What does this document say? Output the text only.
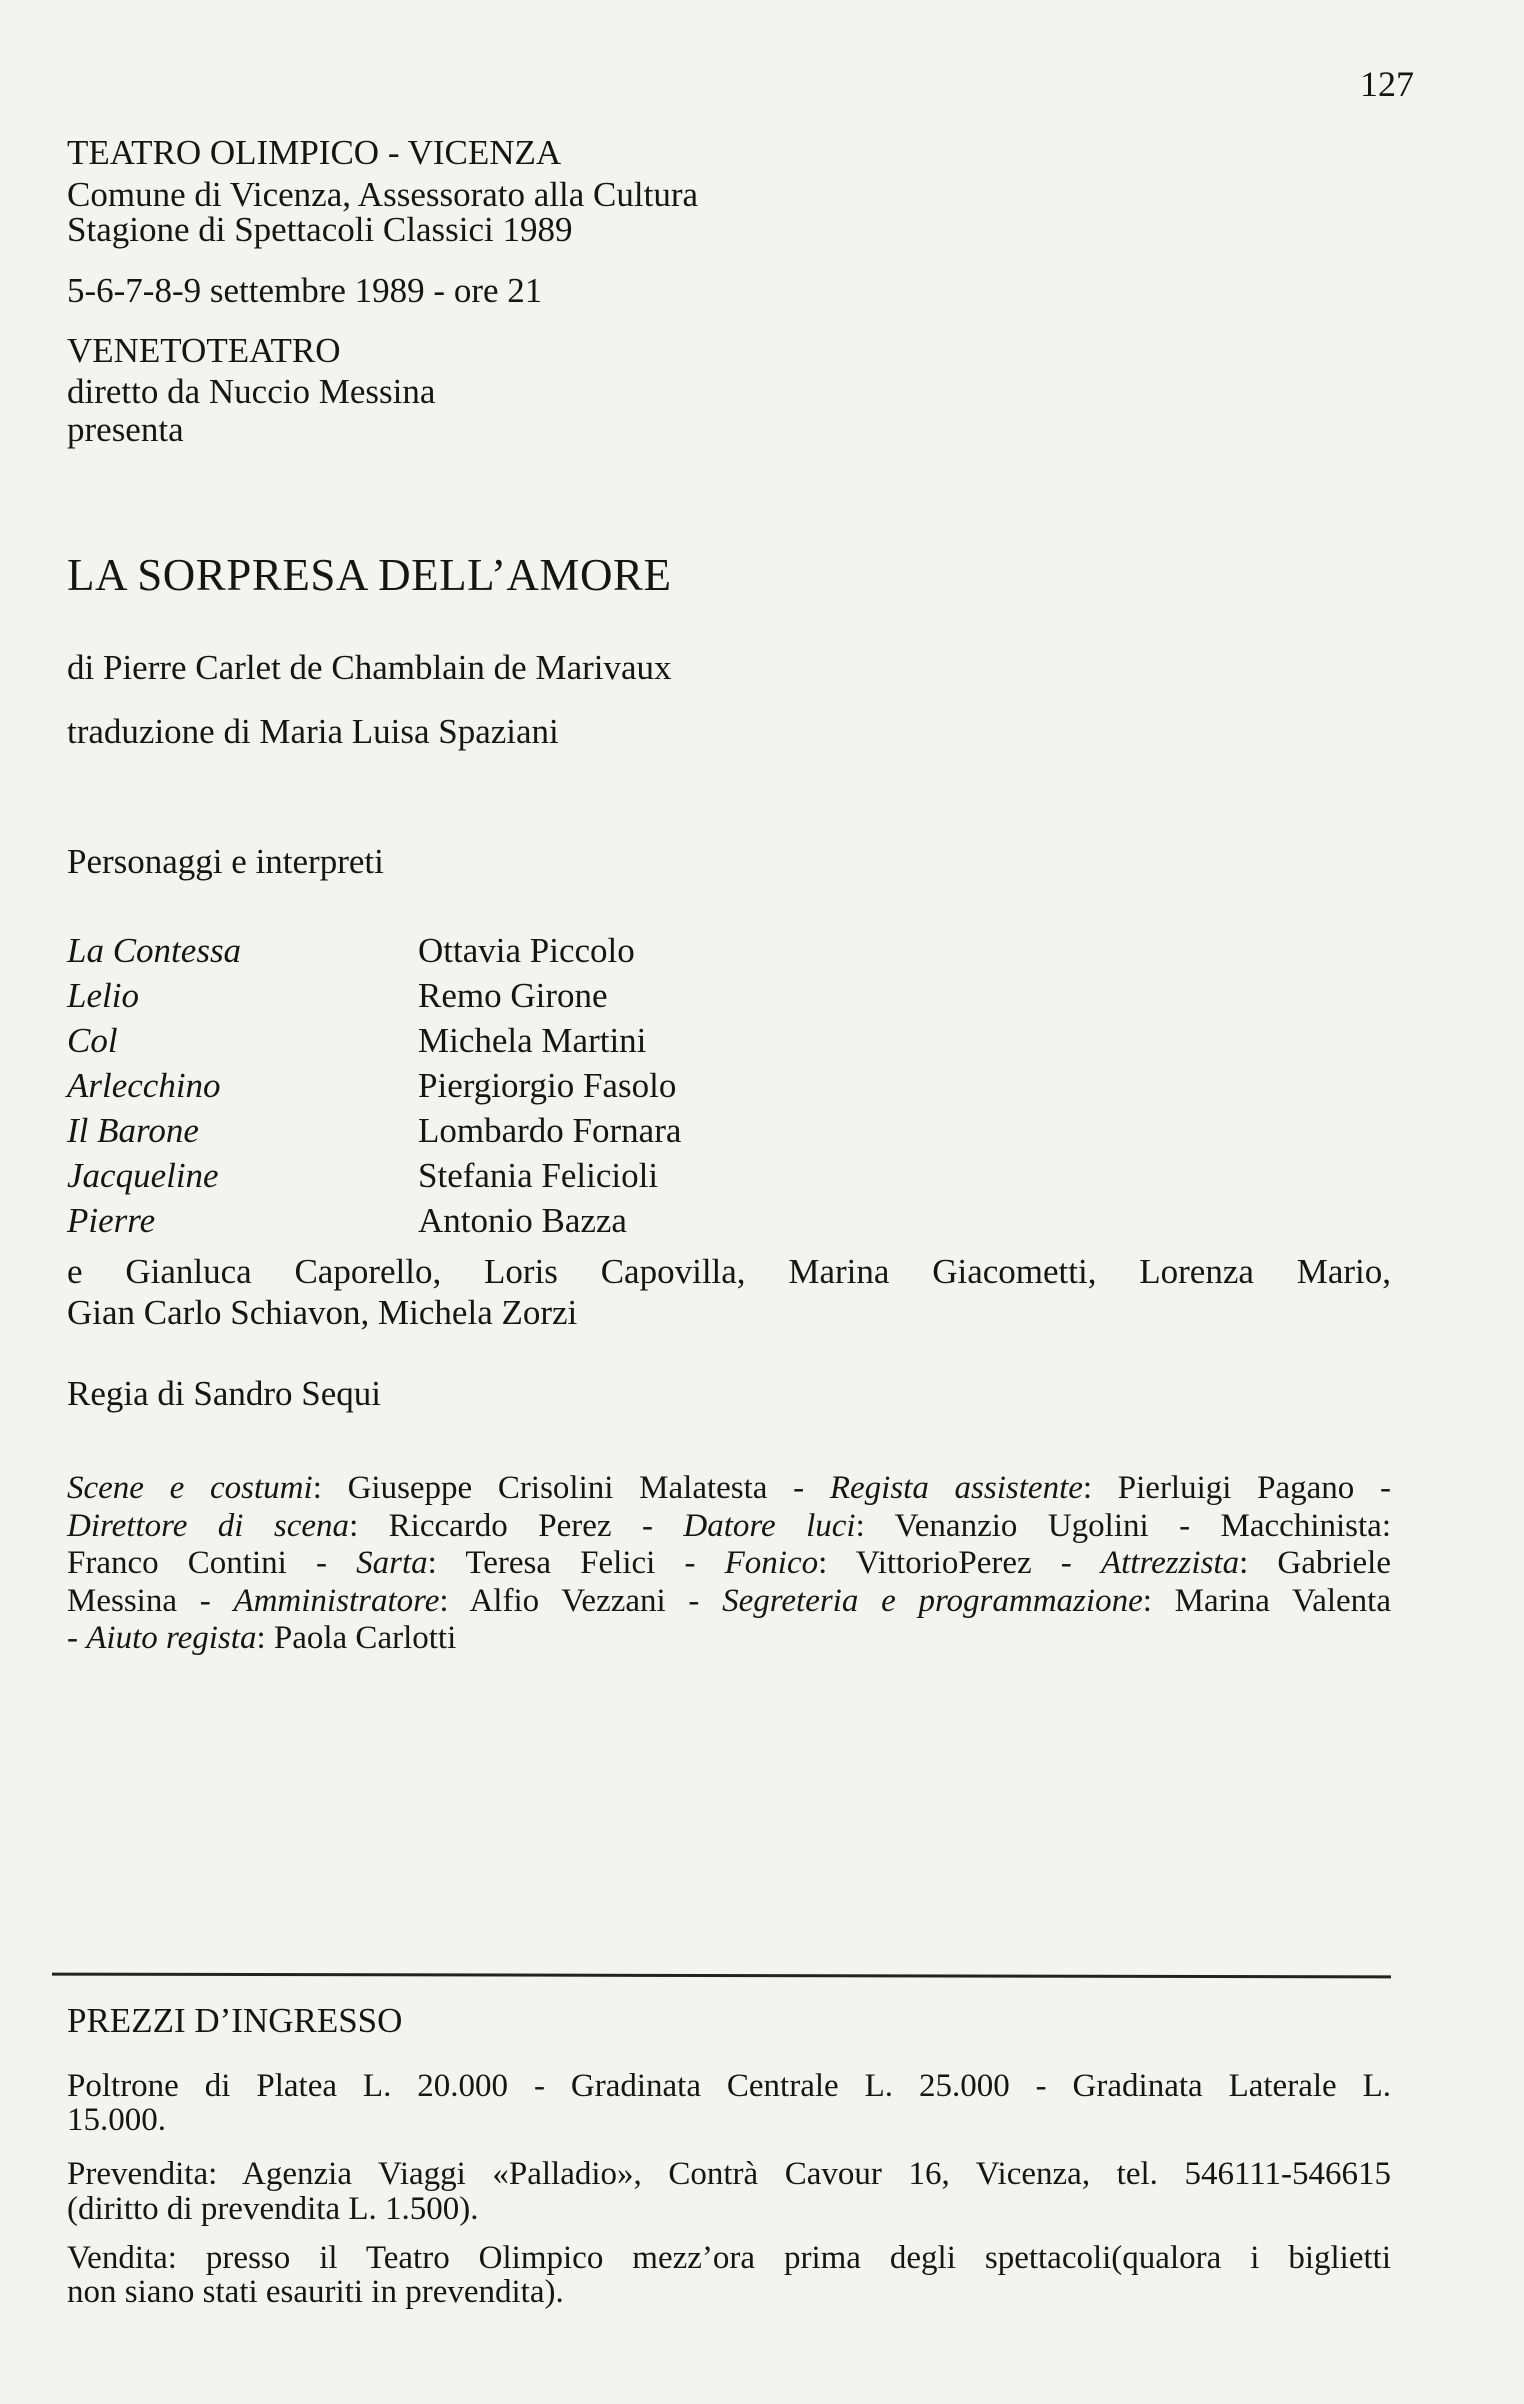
127
TEATRO OLIMPICO - VICENZA
Comune di Vicenza, Assessorato alla Cultura
Stagione di Spettacoli Classici 1989
5-6-7-8-9 settembre 1989 - ore 21
VENETOTEATRO
diretto da Nuccio Messina
presenta
LA SORPRESA DELL’AMORE
di Pierre Carlet de Chamblain de Marivaux
traduzione di Maria Luisa Spaziani
Personaggi e interpreti
La Contessa	Ottavia Piccolo
Lelio	Remo Girone
Col	Michela Martini
Arlecchino	Piergiorgio Fasolo
Il Barone	Lombardo Fornara
Jacqueline	Stefania Felicioli
Pierre	Antonio Bazza
e Gianluca Caporello, Loris Capovilla, Marina Giacometti, Lorenza Mario,
Gian Carlo Schiavon, Michela Zorzi
Regia di Sandro Sequi
Scene e costumi: Giuseppe Crisolini Malatesta - Regista assistente: Pierluigi Pagano -
Direttore di scena: Riccardo Perez - Datore luci: Venanzio Ugolini - Macchinista:
Franco Contini - Sarta: Teresa Felici - Fonico: VittorioPerez - Attrezzista: Gabriele
Messina - Amministratore: Alfio Vezzani - Segreteria e programmazione: Marina Valenta
- Aiuto regista: Paola Carlotti
PREZZI D’INGRESSO
Poltrone di Platea L. 20.000 - Gradinata Centrale L. 25.000 - Gradinata Laterale L.
15.000.
Prevendita: Agenzia Viaggi «Palladio», Contrà Cavour 16, Vicenza, tel. 546111-546615
(diritto di prevendita L. 1.500).
Vendita: presso il Teatro Olimpico mezz’ora prima degli spettacoli(qualora i biglietti
non siano stati esauriti in prevendita).
